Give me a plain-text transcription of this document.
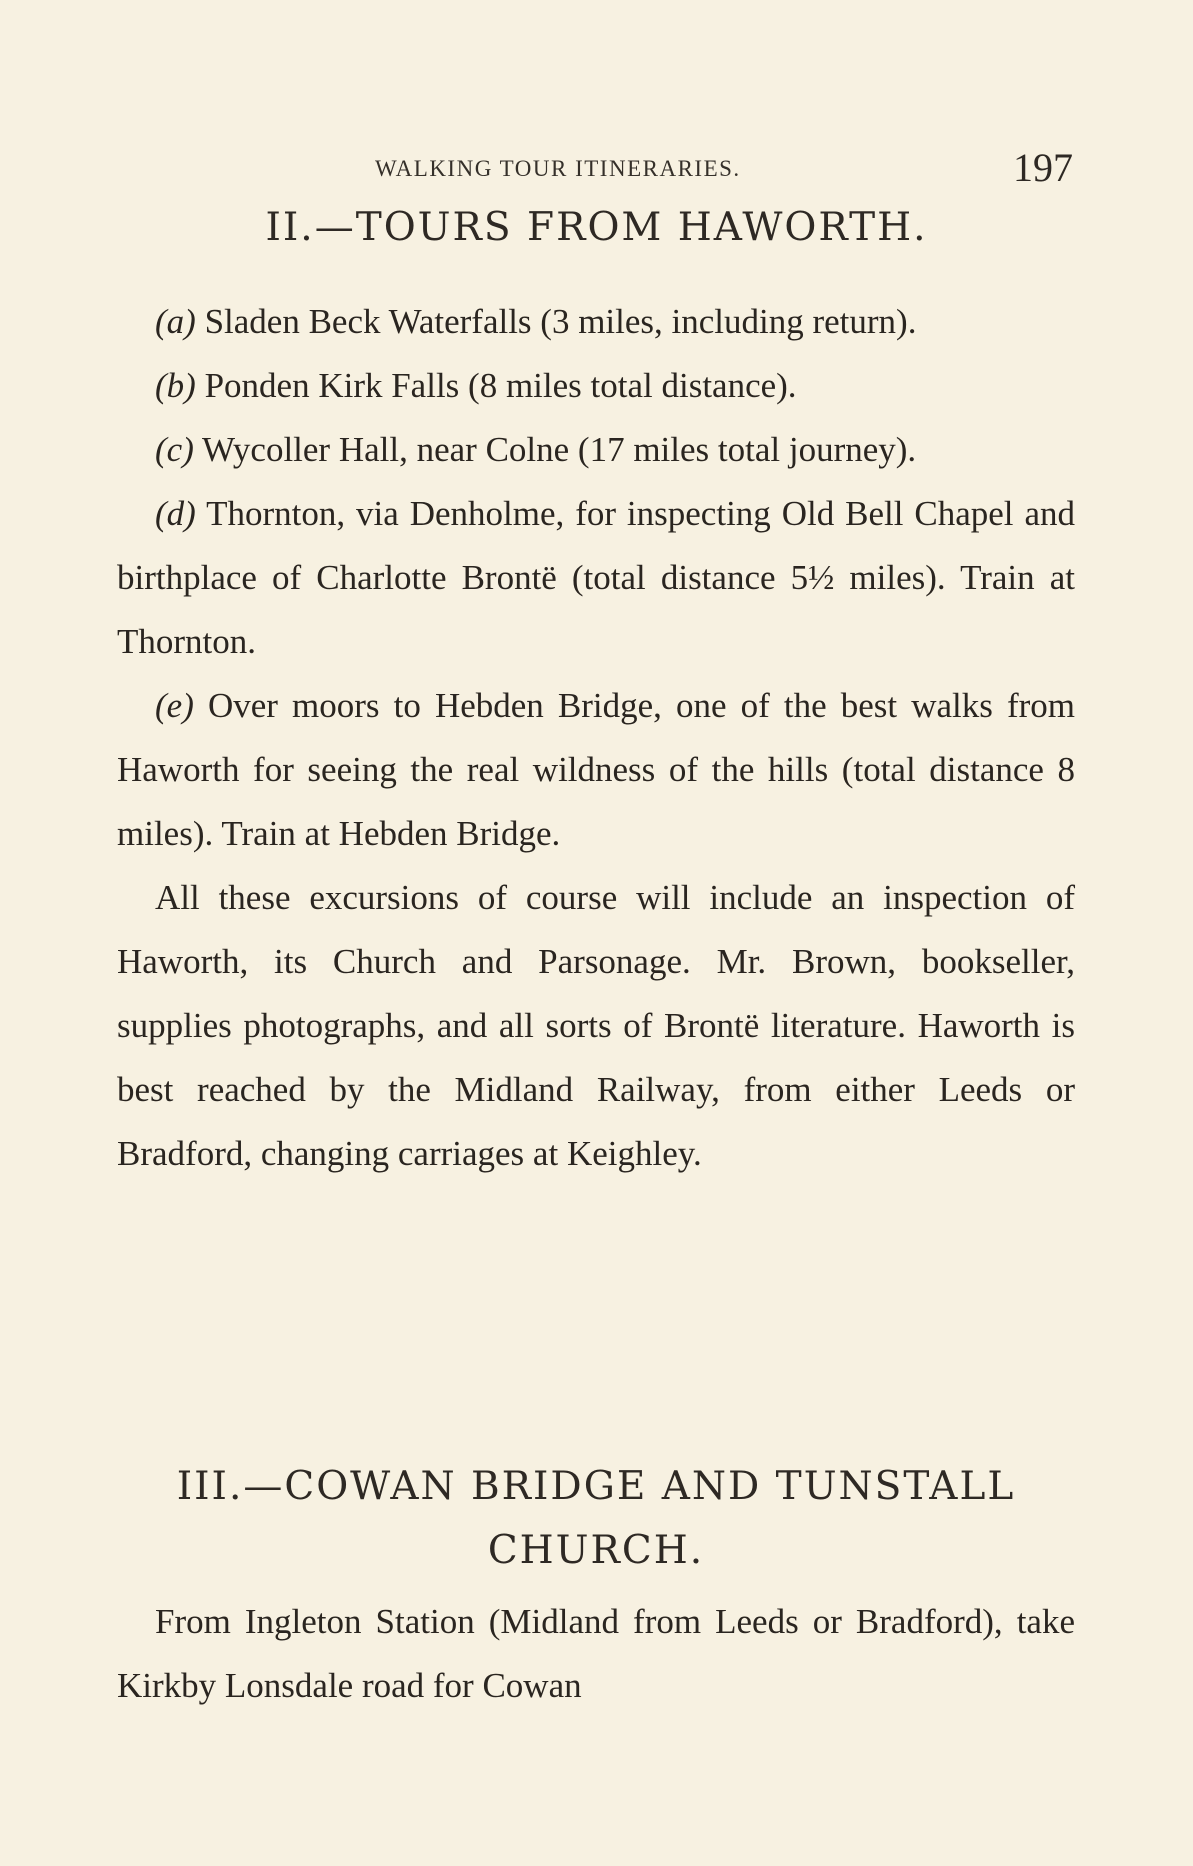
WALKING TOUR ITINERARIES.	197
II.—TOURS FROM HAWORTH.

(a) Sladen Beck Waterfalls (3 miles, including return).

(b) Ponden Kirk Falls (8 miles total distance).

(c) Wycoller Hall, near Colne (17 miles total journey).

(d) Thornton, via Denholme, for inspecting Old Bell Chapel and birthplace of Charlotte Brontë (total distance 5½ miles). Train at Thornton.

(e) Over moors to Hebden Bridge, one of the best walks from Haworth for seeing the real wildness of the hills (total distance 8 miles). Train at Hebden Bridge.

All these excursions of course will include an inspection of Haworth, its Church and Parsonage. Mr. Brown, bookseller, supplies photographs, and all sorts of Brontë literature. Haworth is best reached by the Midland Railway, from either Leeds or Bradford, changing carriages at Keighley.

III.—COWAN BRIDGE AND TUNSTALL CHURCH.

From Ingleton Station (Midland from Leeds or Bradford), take Kirkby Lonsdale road for Cowan
